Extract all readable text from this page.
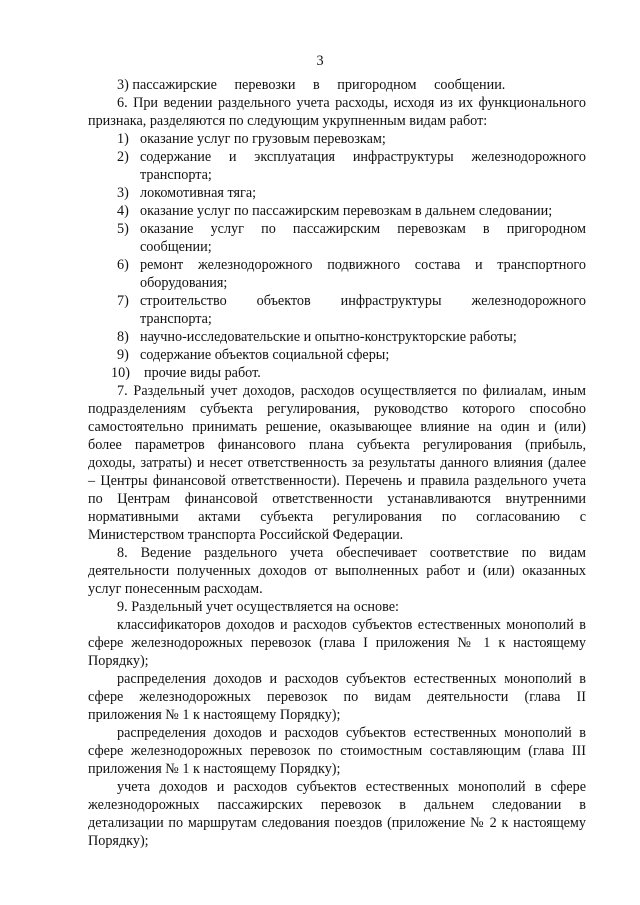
3
3) пассажирские перевозки в пригородном сообщении.

6. При ведении раздельного учета расходы, исходя из их функционального

признака, разделяются по следующим укрупненным видам работ:

1) оказание услуг по грузовым перевозкам;

2) содержание и эксплуатация инфраструктуры железнодорожного

транспорта;

3) локомотивная тяга;

4) оказание услуг по пассажирским перевозкам в дальнем следовании;

5) оказание услуг по пассажирским перевозкам в пригородном

сообщении;

6) ремонт железнодорожного подвижного состава и транспортного

оборудования;

7) строительство объектов инфраструктуры железнодорожного

транспорта;

8) научно-исследовательские и опытно-конструкторские работы;

9) содержание объектов социальной сферы;

10) прочие виды работ.

7. Раздельный учет доходов, расходов осуществляется по филиалам, иным

подразделениям субъекта регулирования, руководство которого способно

самостоятельно принимать решение, оказывающее влияние на один и (или)

более параметров финансового плана субъекта регулирования (прибыль,

доходы, затраты) и несет ответственность за результаты данного влияния (далее

– Центры финансовой ответственности). Перечень и правила раздельного учета

по Центрам финансовой ответственности устанавливаются внутренними

нормативными актами субъекта регулирования по согласованию с

Министерством транспорта Российской Федерации.

8. Ведение раздельного учета обеспечивает соответствие по видам

деятельности полученных доходов от выполненных работ и (или) оказанных

услуг понесенным расходам.

9. Раздельный учет осуществляется на основе:

классификаторов доходов и расходов субъектов естественных монополий в

сфере железнодорожных перевозок (глава I приложения № 1 к настоящему

Порядку);

распределения доходов и расходов субъектов естественных монополий в

сфере железнодорожных перевозок по видам деятельности (глава II

приложения № 1 к настоящему Порядку);

распределения доходов и расходов субъектов естественных монополий в

сфере железнодорожных перевозок по стоимостным составляющим (глава III

приложения № 1 к настоящему Порядку);

учета доходов и расходов субъектов естественных монополий в сфере

железнодорожных пассажирских перевозок в дальнем следовании в

детализации по маршрутам следования поездов (приложение № 2 к настоящему

Порядку);
